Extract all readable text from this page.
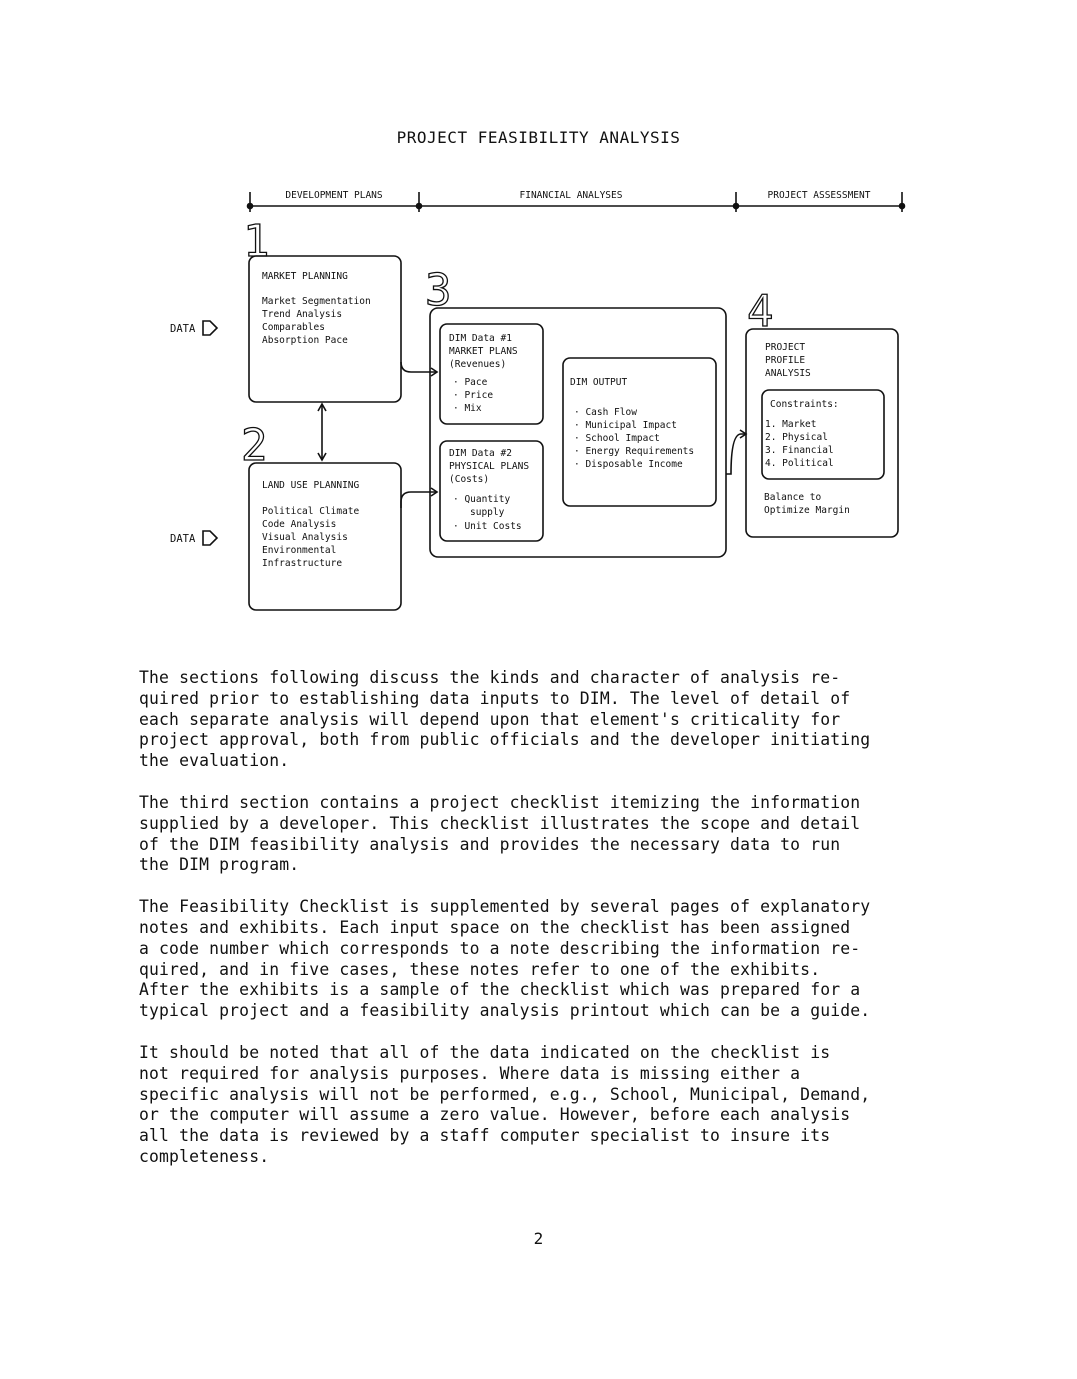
PROJECT FEASIBILITY ANALYSIS
DEVELOPMENT PLANS	FINANCIAL ANALYSES	PROJECT ASSESSMENT
1
2
3	4
DATA
DATA
MARKET PLANNING
Market Segmentation
Trend Analysis
Comparables
Absorption Pace
LAND USE PLANNING
Political Climate
Code Analysis
Visual Analysis
Environmental
Infrastructure
DIM Data #1
MARKET PLANS
(Revenues)
· Pace
· Price
· Mix
DIM Data #2
PHYSICAL PLANS
(Costs)
· Quantity
supply
· Unit Costs
DIM OUTPUT
· Cash Flow
· Municipal Impact
· School Impact
· Energy Requirements
· Disposable Income
PROJECT
PROFILE
ANALYSIS
Constraints:
1. Market
2. Physical
3. Financial
4. Political
Balance to
Optimize Margin

The sections following discuss the kinds and character of analysis re-
quired prior to establishing data inputs to DIM. The level of detail of
each separate analysis will depend upon that element's criticality for
project approval, both from public officials and the developer initiating
the evaluation.

The third section contains a project checklist itemizing the information
supplied by a developer. This checklist illustrates the scope and detail
of the DIM feasibility analysis and provides the necessary data to run
the DIM program.

The Feasibility Checklist is supplemented by several pages of explanatory
notes and exhibits. Each input space on the checklist has been assigned
a code number which corresponds to a note describing the information re-
quired, and in five cases, these notes refer to one of the exhibits.
After the exhibits is a sample of the checklist which was prepared for a
typical project and a feasibility analysis printout which can be a guide.

It should be noted that all of the data indicated on the checklist is
not required for analysis purposes. Where data is missing either a
specific analysis will not be performed, e.g., School, Municipal, Demand,
or the computer will assume a zero value. However, before each analysis
all the data is reviewed by a staff computer specialist to insure its
completeness.

2
